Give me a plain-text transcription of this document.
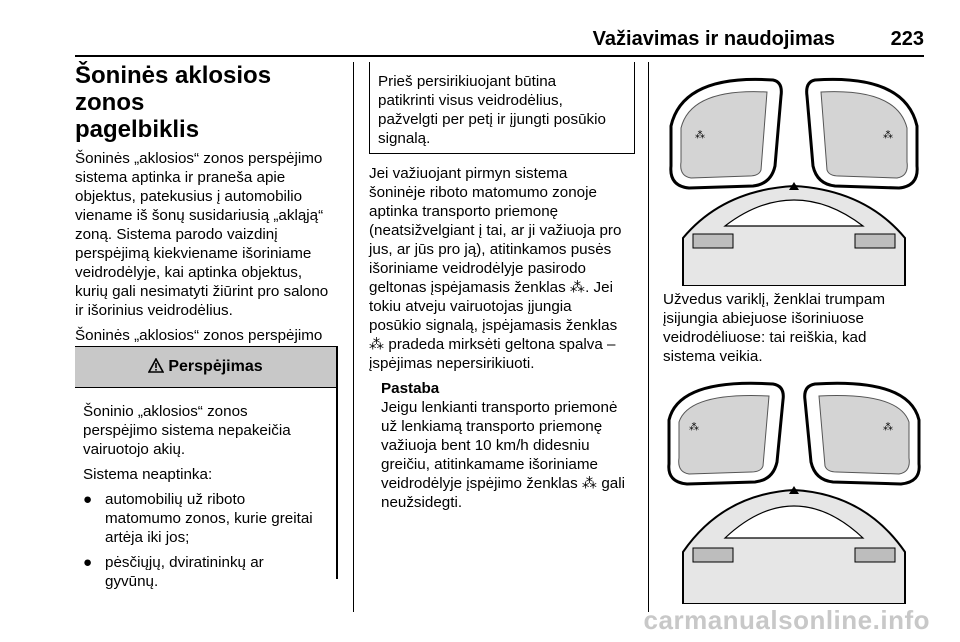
Važiavimas ir naudojimas	223
Šoninės aklosios zonos
pagelbiklis

Šoninės „aklosios“ zonos perspėjimo
sistema aptinka ir praneša apie
objektus, patekusius į automobilio
viename iš šonų susidariusią „akląją“
zoną. Sistema parodo vaizdinį
perspėjimą kiekviename išoriniame
veidrodėlyje, kai aptinka objektus,
kurių gali nesimatyti žiūrint pro salono
ir išorinius veidrodėlius.

Šoninės „aklosios“ zonos perspėjimo

Perspėjimas

Šoninio „aklosios“ zonos
perspėjimo sistema nepakeičia
vairuotojo akių.

Sistema neaptinka:

● automobilių už riboto
matomumo zonos, kurie greitai
artėja iki jos;
● pėsčiųjų, dviratininkų ar
gyvūnų.
Prieš persirikiuojant būtina
patikrinti visus veidrodėlius,
pažvelgti per petį ir įjungti posūkio
signalą.

Jei važiuojant pirmyn sistema
šoninėje riboto matomumo zonoje
aptinka transporto priemonę
(neatsižvelgiant į tai, ar ji važiuoja pro
jus, ar jūs pro ją), atitinkamos pusės
išoriniame veidrodėlyje pasirodo
geltonas įspėjamasis ženklas ⁂. Jei
tokiu atveju vairuotojas įjungia
posūkio signalą, įspėjamasis ženklas
⁂ pradeda mirksėti geltona spalva –
įspėjimas nepersirikiuoti.

Pastaba

Jeigu lenkianti transporto priemonė
už lenkiamą transporto priemonę
važiuoja bent 10 km/h didesniu
greičiu, atitinkamame išoriniame
veidrodėlyje įspėjimo ženklas ⁂ gali
neužsidegti.

⁂	⁂
Užvedus variklį, ženklai trumpam
įsijungia abiejuose išoriniuose
veidrodėliuose: tai reiškia, kad
sistema veikia.
⁂	⁂
carmanualsonline.info
